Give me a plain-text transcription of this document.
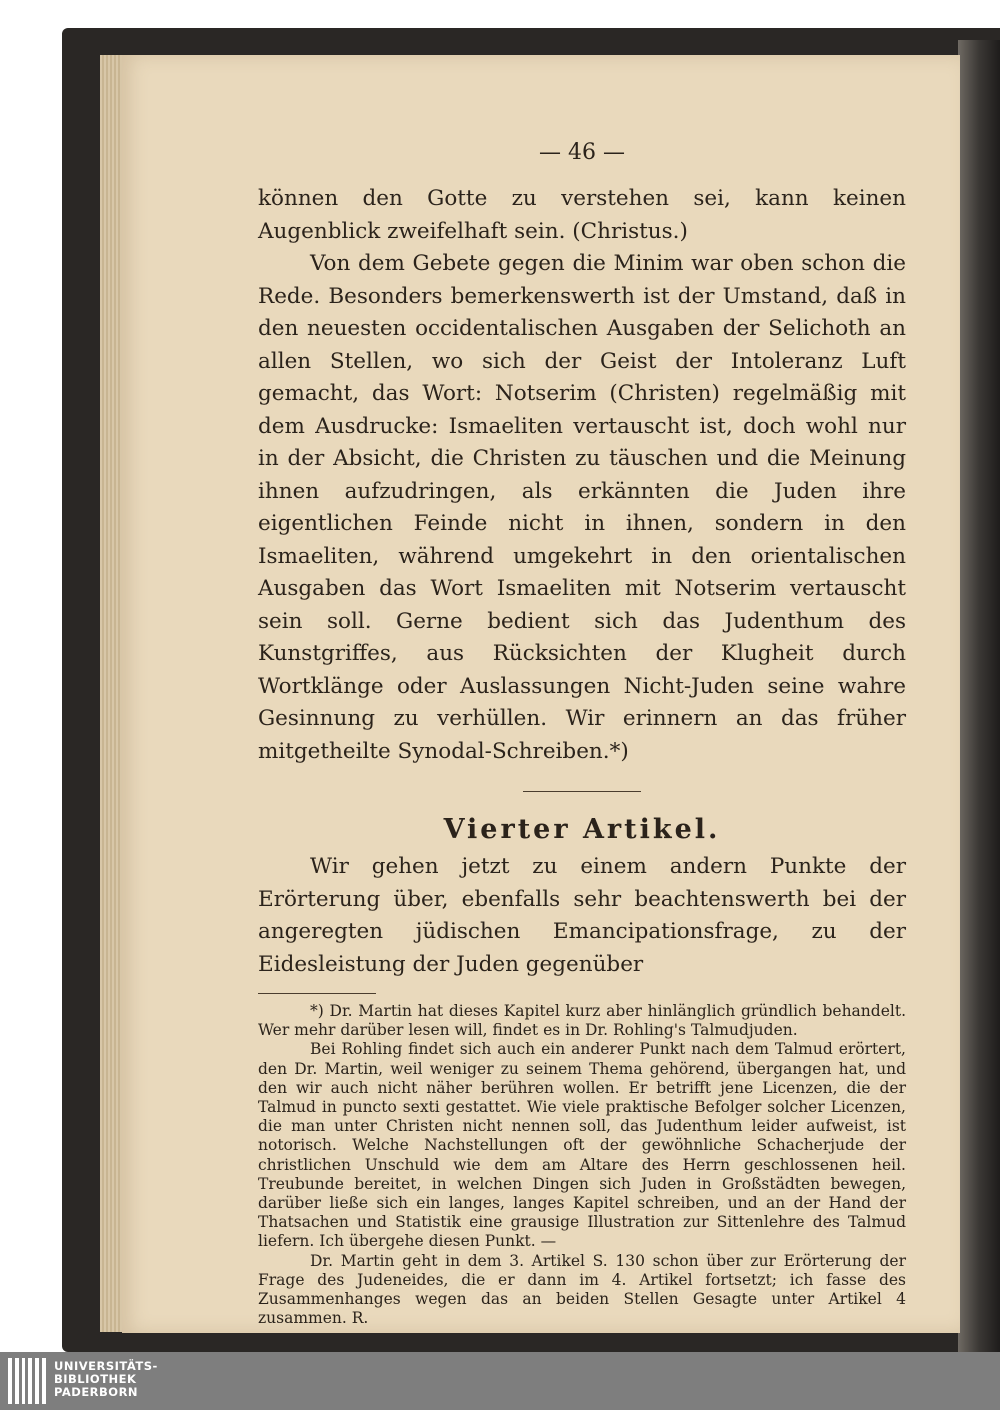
— 46 —

können den Gotte zu verstehen sei, kann keinen Augenblick zweifelhaft sein. (Christus.)

Von dem Gebete gegen die Minim war oben schon die Rede. Besonders bemerkenswerth ist der Umstand, daß in den neuesten occidentalischen Ausgaben der Selichoth an allen Stellen, wo sich der Geist der Intoleranz Luft gemacht, das Wort: Notserim (Christen) regelmäßig mit dem Ausdrucke: Ismaeliten vertauscht ist, doch wohl nur in der Absicht, die Christen zu täuschen und die Meinung ihnen aufzudringen, als erkännten die Juden ihre eigentlichen Feinde nicht in ihnen, sondern in den Ismaeliten, während umgekehrt in den orientalischen Ausgaben das Wort Ismaeliten mit Notserim vertauscht sein soll. Gerne bedient sich das Judenthum des Kunstgriffes, aus Rücksichten der Klugheit durch Wortklänge oder Auslassungen Nicht-Juden seine wahre Gesinnung zu verhüllen. Wir erinnern an das früher mitgetheilte Synodal-Schreiben.*)

Vierter Artikel.

Wir gehen jetzt zu einem andern Punkte der Erörterung über, ebenfalls sehr beachtenswerth bei der angeregten jüdischen Emancipationsfrage, zu der Eidesleistung der Juden gegenüber

*) Dr. Martin hat dieses Kapitel kurz aber hinlänglich gründlich behandelt. Wer mehr darüber lesen will, findet es in Dr. Rohling's Talmudjuden.

Bei Rohling findet sich auch ein anderer Punkt nach dem Talmud erörtert, den Dr. Martin, weil weniger zu seinem Thema gehörend, übergangen hat, und den wir auch nicht näher berühren wollen. Er betrifft jene Licenzen, die der Talmud in puncto sexti gestattet. Wie viele praktische Befolger solcher Licenzen, die man unter Christen nicht nennen soll, das Judenthum leider aufweist, ist notorisch. Welche Nachstellungen oft der gewöhnliche Schacherjude der christlichen Unschuld wie dem am Altare des Herrn geschlossenen heil. Treubunde bereitet, in welchen Dingen sich Juden in Großstädten bewegen, darüber ließe sich ein langes, langes Kapitel schreiben, und an der Hand der Thatsachen und Statistik eine grausige Illustration zur Sittenlehre des Talmud liefern. Ich übergehe diesen Punkt. —

Dr. Martin geht in dem 3. Artikel S. 130 schon über zur Erörterung der Frage des Judeneides, die er dann im 4. Artikel fortsetzt; ich fasse des Zusammenhanges wegen das an beiden Stellen Gesagte unter Artikel 4 zusammen. R.

UNIVERSITÄTS-
BIBLIOTHEK
PADERBORN
